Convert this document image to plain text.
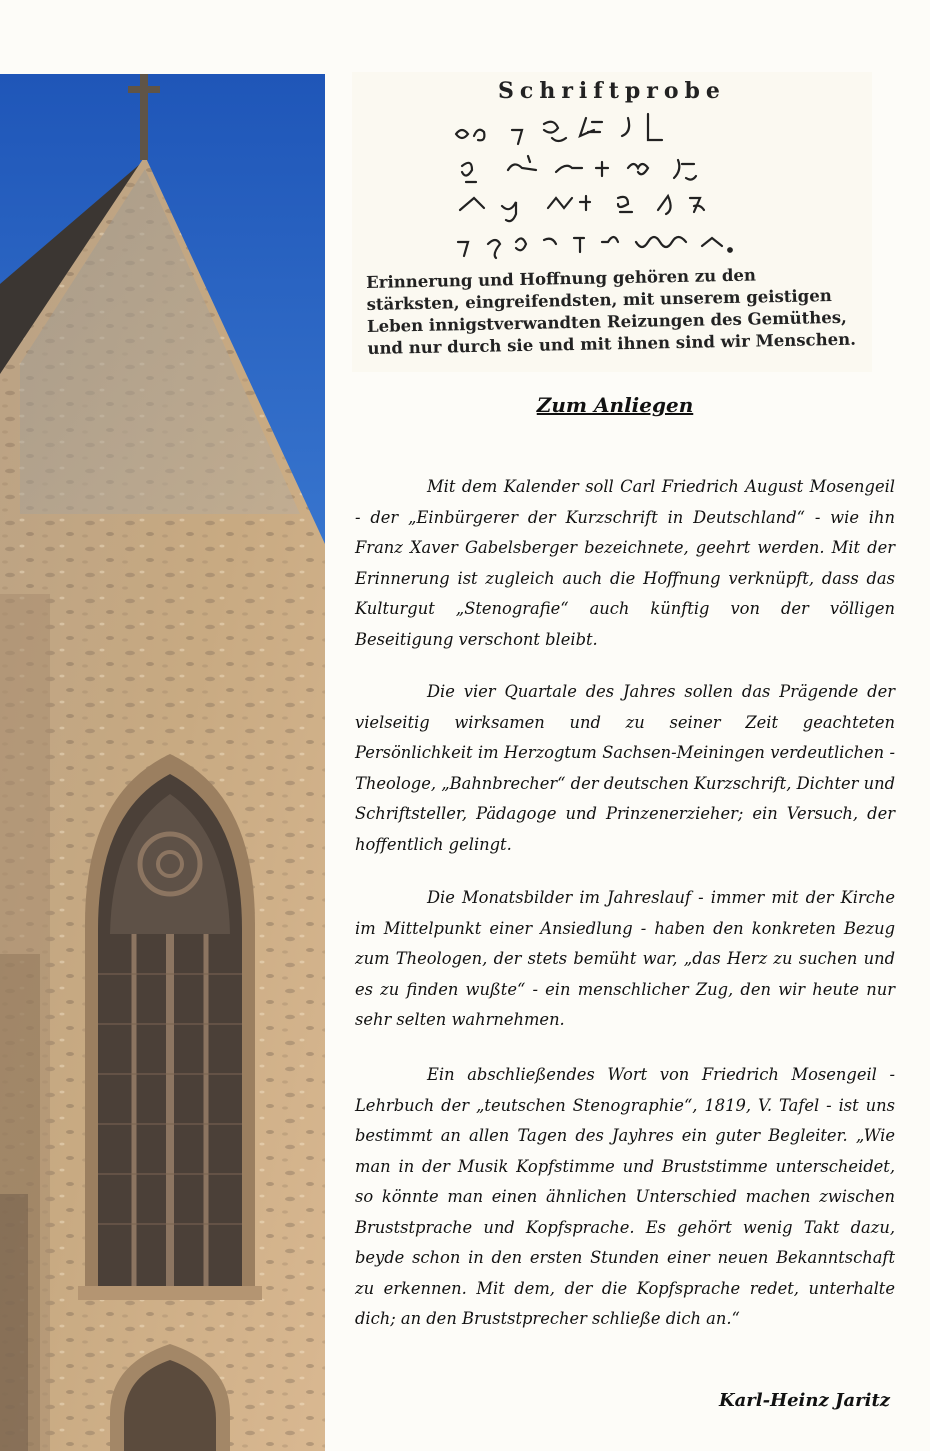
Schriftprobe
Erinnerung und Hoffnung gehören zu den
stärksten, eingreifendsten, mit unserem geistigen
Leben innigstverwandten Reizungen des Gemüthes,
und nur durch sie und mit ihnen sind wir Menschen.
Zum Anliegen

Mit dem Kalender soll Carl Friedrich August Mosengeil - der „Einbürgerer der Kurzschrift in Deutschland“ - wie ihn Franz Xaver Gabelsberger bezeichnete, geehrt werden. Mit der Erinnerung ist zugleich auch die Hoffnung verknüpft, dass das Kulturgut „Stenografie“ auch künftig von der völligen Beseitigung verschont bleibt.

Die vier Quartale des Jahres sollen das Prägende der vielseitig wirksamen und zu seiner Zeit geachteten Persönlichkeit im Herzogtum Sachsen-Meiningen verdeutlichen - Theologe, „Bahnbrecher“ der deutschen Kurzschrift, Dichter und Schriftsteller, Pädagoge und Prinzenerzieher; ein Versuch, der hoffentlich gelingt.

Die Monatsbilder im Jahreslauf - immer mit der Kirche im Mittelpunkt einer Ansiedlung - haben den konkreten Bezug zum Theologen, der stets bemüht war, „das Herz zu suchen und es zu finden wußte“ - ein menschlicher Zug, den wir heute nur sehr selten wahrnehmen.

Ein abschließendes Wort von Friedrich Mosengeil - Lehrbuch der „teutschen Stenographie“, 1819, V. Tafel - ist uns bestimmt an allen Tagen des Jayhres ein guter Begleiter. „Wie man in der Musik Kopfstimme und Bruststimme unterscheidet, so könnte man einen ähnlichen Unterschied machen zwischen Bruststprache und Kopfsprache. Es gehört wenig Takt dazu, beyde schon in den ersten Stunden einer neuen Bekanntschaft zu erkennen. Mit dem, der die Kopfsprache redet, unterhalte dich; an den Bruststprecher schließe dich an.“

Karl-Heinz Jaritz
